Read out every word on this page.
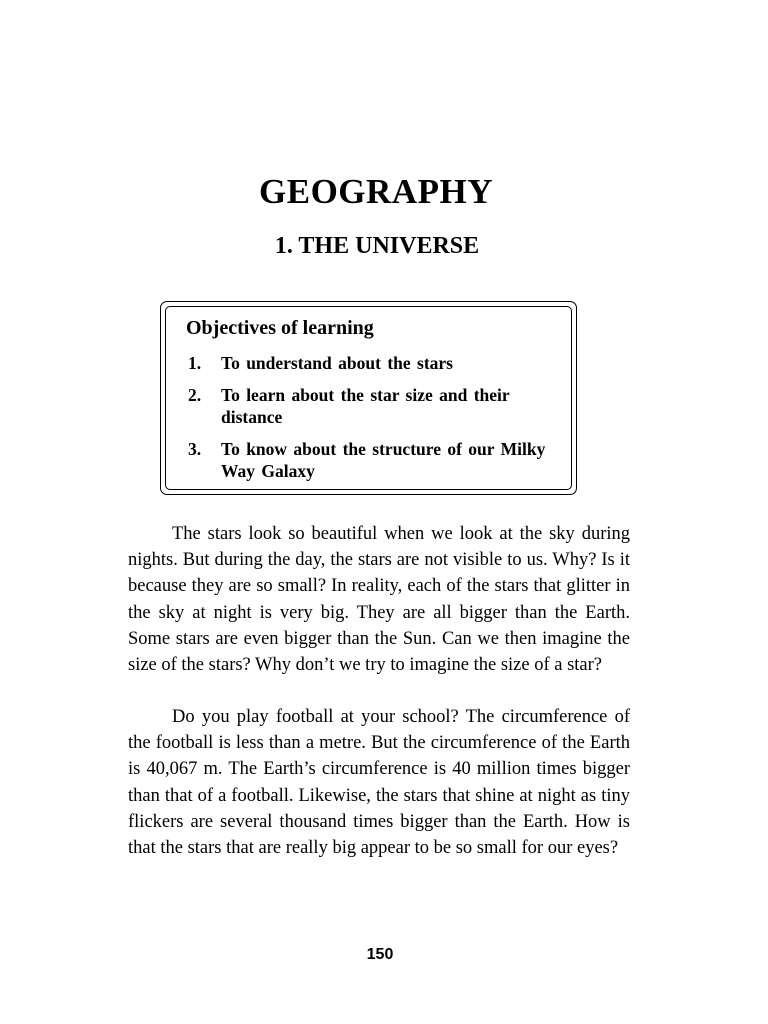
GEOGRAPHY
1. THE UNIVERSE

Objectives of learning

1.	To understand about the stars
2.	To learn about the star size and their distance
3.	To know about the structure of our Milky Way Galaxy

The stars look so beautiful when we look at the sky during nights. But during the day, the stars are not visible to us. Why? Is it because they are so small? In reality, each of the stars that glitter in the sky at night is very big. They are all bigger than the Earth. Some stars are even bigger than the Sun. Can we then imagine the size of the stars? Why don’t we try to imagine the size of a star?

Do you play football at your school? The circumference of the football is less than a metre. But the circumference of the Earth is 40,067 m. The Earth’s circumference is 40 million times bigger than that of a football. Likewise, the stars that shine at night as tiny flickers are several thousand times bigger than the Earth. How is that the stars that are really big appear to be so small for our eyes?

150
